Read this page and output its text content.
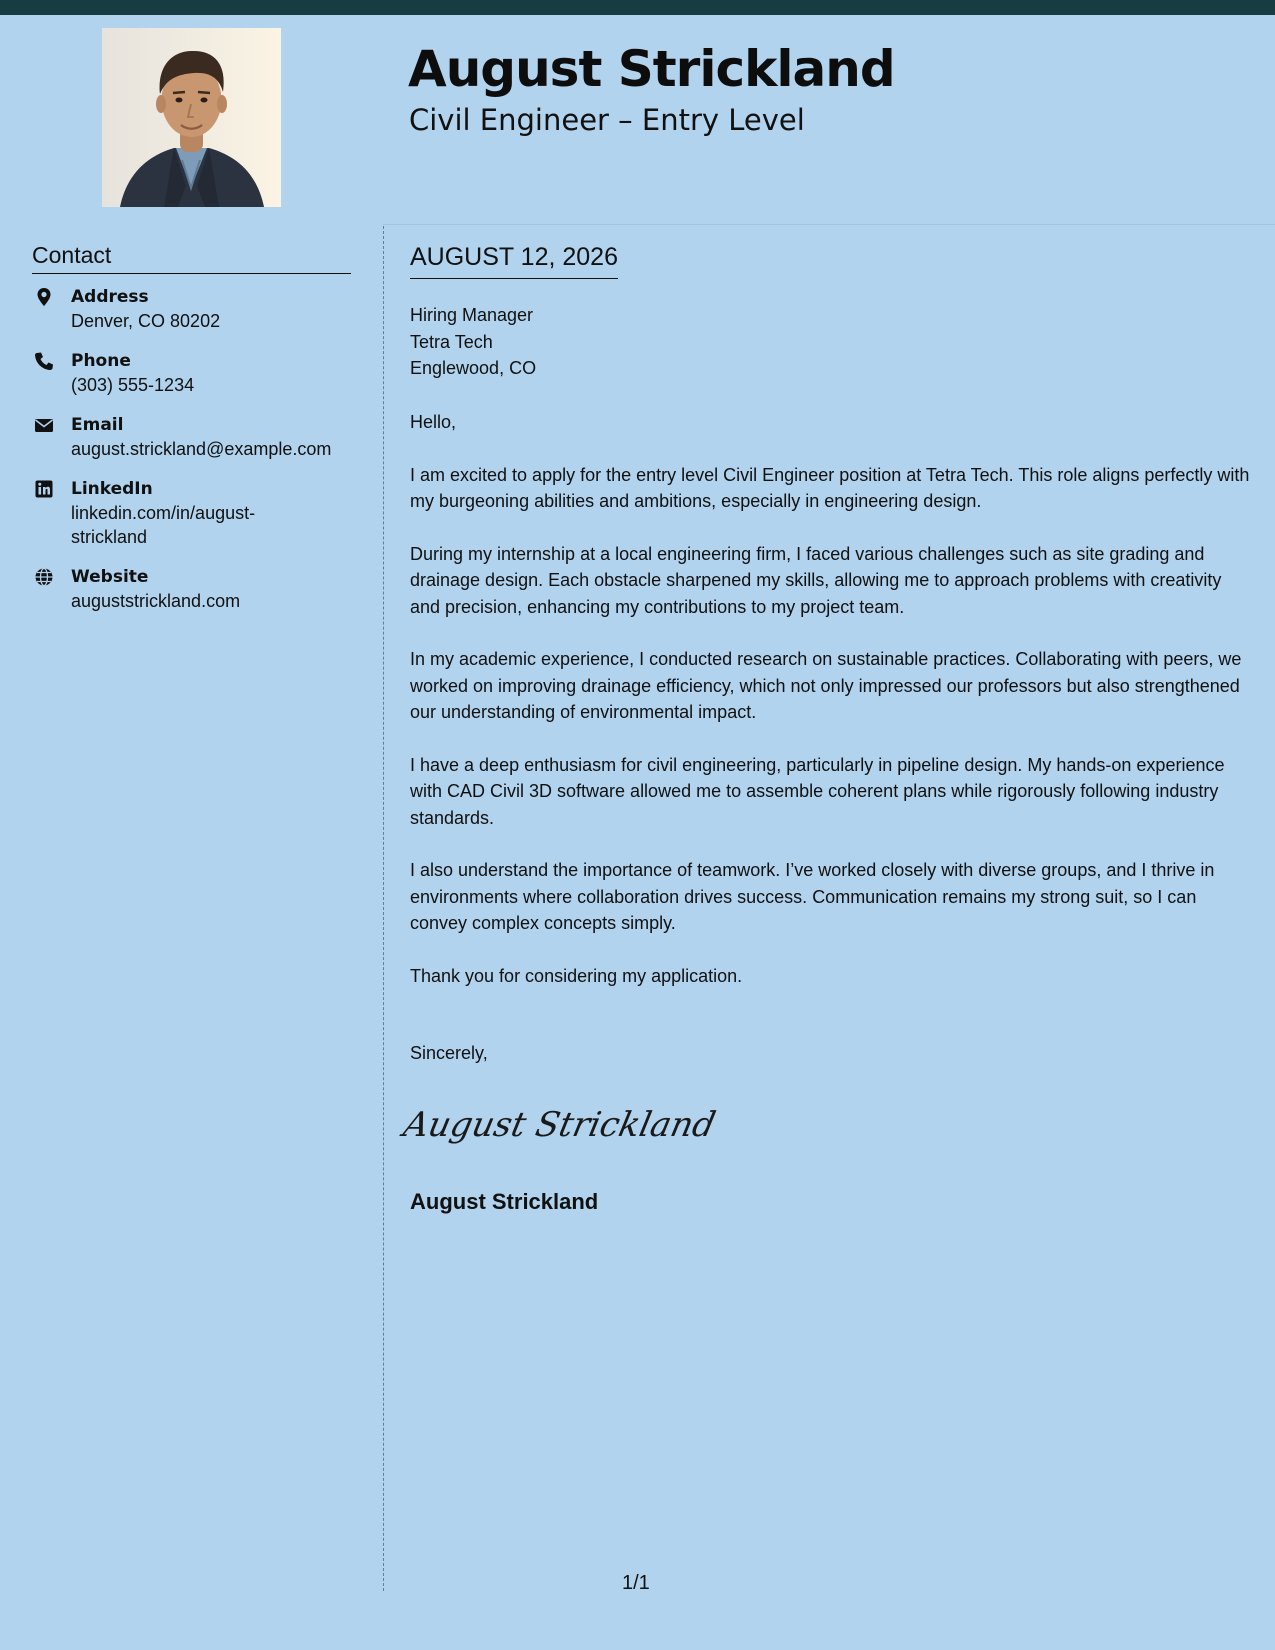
August Strickland
Civil Engineer – Entry Level
Contact
Address
Denver, CO 80202
Phone
(303) 555-1234
Email
august.strickland@example.com
LinkedIn
linkedin.com/in/august-strickland
Website
auguststrickland.com
AUGUST 12, 2026
Hiring Manager
Tetra Tech
Englewood, CO

Hello,

I am excited to apply for the entry level Civil Engineer position at Tetra Tech. This role aligns perfectly with my burgeoning abilities and ambitions, especially in engineering design.

During my internship at a local engineering firm, I faced various challenges such as site grading and drainage design. Each obstacle sharpened my skills, allowing me to approach problems with creativity and precision, enhancing my contributions to my project team.

In my academic experience, I conducted research on sustainable practices. Collaborating with peers, we worked on improving drainage efficiency, which not only impressed our professors but also strengthened our understanding of environmental impact.

I have a deep enthusiasm for civil engineering, particularly in pipeline design. My hands-on experience with CAD Civil 3D software allowed me to assemble coherent plans while rigorously following industry standards.

I also understand the importance of teamwork. I’ve worked closely with diverse groups, and I thrive in environments where collaboration drives success. Communication remains my strong suit, so I can convey complex concepts simply.

Thank you for considering my application.

Sincerely,
August Strickland
August Strickland
1/1
